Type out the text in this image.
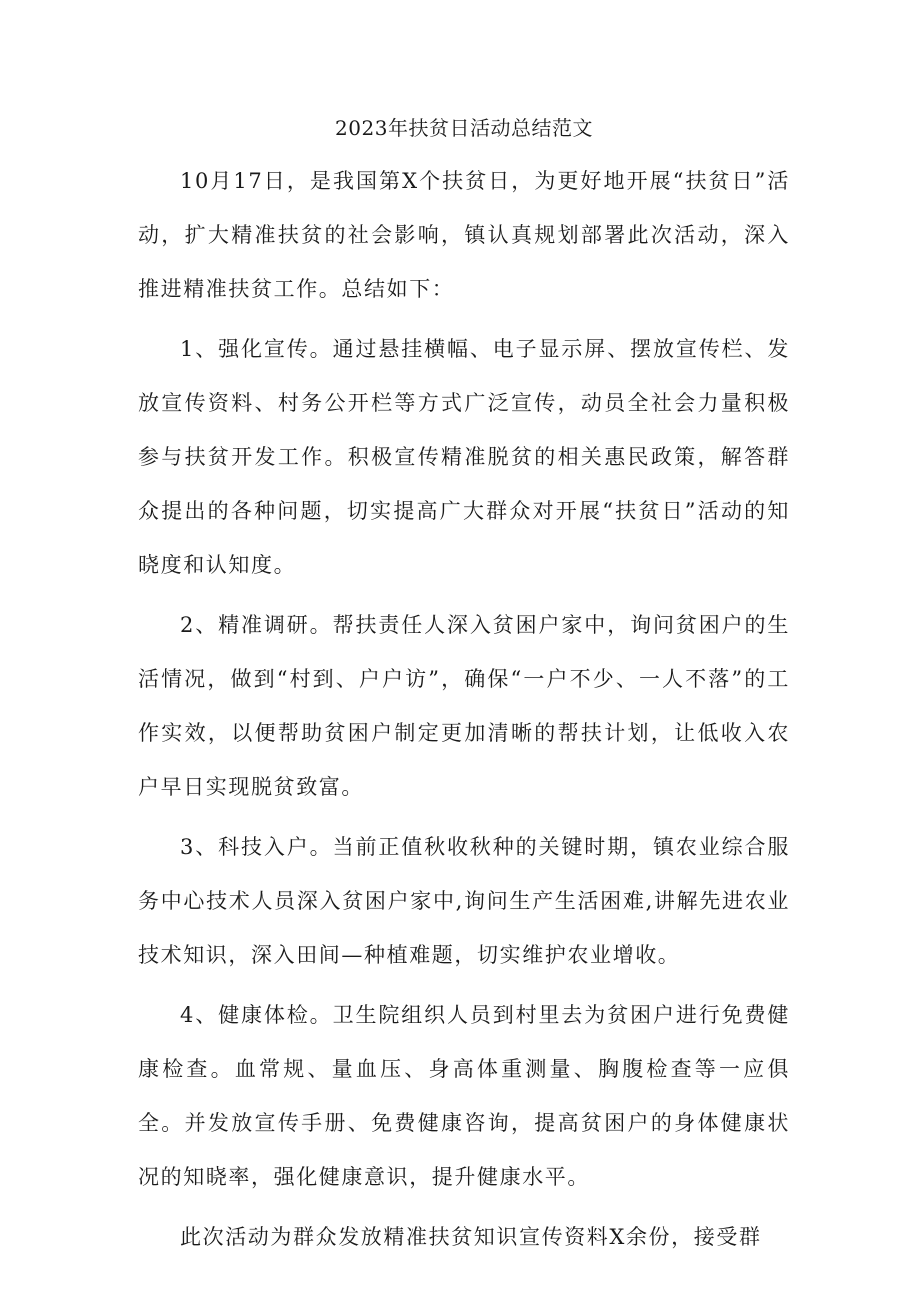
2023年扶贫日活动总结范文

10月17日，是我国第X个扶贫日，为更好地开展“扶贫日”活动，扩大精准扶贫的社会影响，镇认真规划部署此次活动，深入推进精准扶贫工作。总结如下：

1、强化宣传。通过悬挂横幅、电子显示屏、摆放宣传栏、发放宣传资料、村务公开栏等方式广泛宣传，动员全社会力量积极参与扶贫开发工作。积极宣传精准脱贫的相关惠民政策，解答群众提出的各种问题，切实提高广大群众对开展“扶贫日”活动的知晓度和认知度。

2、精准调研。帮扶责任人深入贫困户家中，询问贫困户的生活情况，做到“村到、户户访”，确保“一户不少、一人不落”的工作实效，以便帮助贫困户制定更加清晰的帮扶计划，让低收入农户早日实现脱贫致富。

3、科技入户。当前正值秋收秋种的关键时期，镇农业综合服务中心技术人员深入贫困户家中,询问生产生活困难,讲解先进农业技术知识，深入田间—种植难题，切实维护农业增收。

4、健康体检。卫生院组织人员到村里去为贫困户进行免费健康检查。血常规、量血压、身高体重测量、胸腹检查等一应俱全。并发放宣传手册、免费健康咨询，提高贫困户的身体健康状况的知晓率，强化健康意识，提升健康水平。

此次活动为群众发放精准扶贫知识宣传资料X余份，接受群
